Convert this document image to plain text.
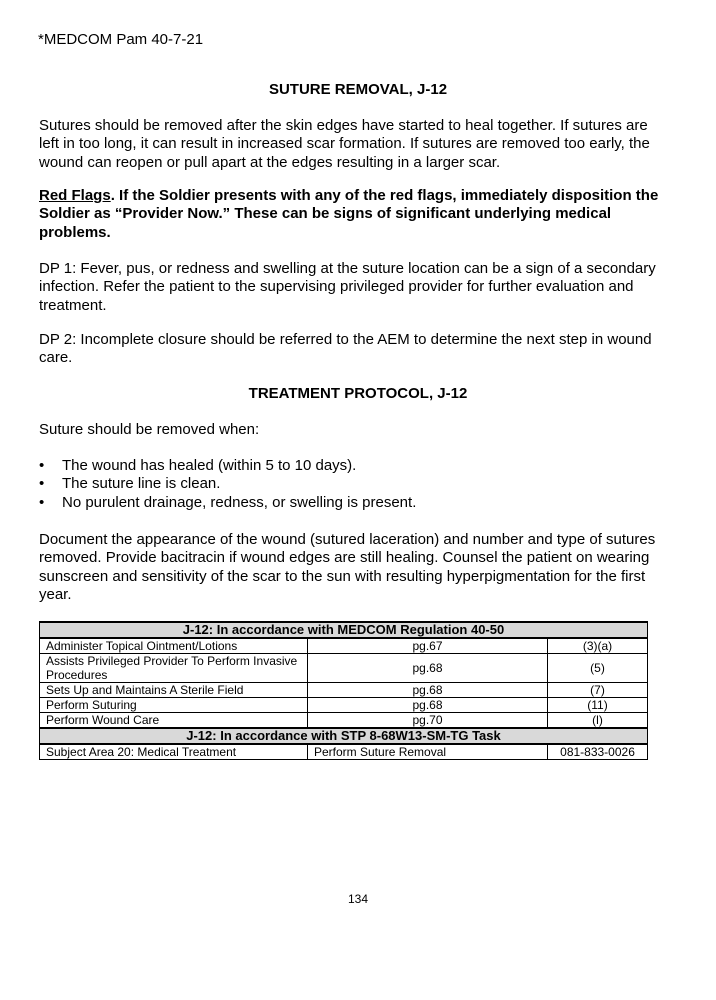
*MEDCOM Pam 40-7-21
SUTURE REMOVAL, J-12

Sutures should be removed after the skin edges have started to heal together. If sutures are left in too long, it can result in increased scar formation. If sutures are removed too early, the wound can reopen or pull apart at the edges resulting in a larger scar.

Red Flags. If the Soldier presents with any of the red flags, immediately disposition the Soldier as “Provider Now.” These can be signs of significant underlying medical problems.

DP 1: Fever, pus, or redness and swelling at the suture location can be a sign of a secondary infection. Refer the patient to the supervising privileged provider for further evaluation and treatment.

DP 2: Incomplete closure should be referred to the AEM to determine the next step in wound care.

TREATMENT PROTOCOL, J-12

Suture should be removed when:

• The wound has healed (within 5 to 10 days).
• The suture line is clean.
• No purulent drainage, redness, or swelling is present.

Document the appearance of the wound (sutured laceration) and number and type of sutures removed. Provide bacitracin if wound edges are still healing. Counsel the patient on wearing sunscreen and sensitivity of the scar to the sun with resulting hyperpigmentation for the first year.

J-12: In accordance with MEDCOM Regulation 40-50		
Administer Topical Ointment/Lotions	pg.67	(3)(a)
Assists Privileged Provider To Perform Invasive Procedures	pg.68	(5)
Sets Up and Maintains A Sterile Field	pg.68	(7)
Perform Suturing	pg.68	(11)
Perform Wound Care	pg.70	(l)
J-12: In accordance with STP 8-68W13-SM-TG Task		
Subject Area 20: Medical Treatment	Perform Suture Removal	081-833-0026
134
